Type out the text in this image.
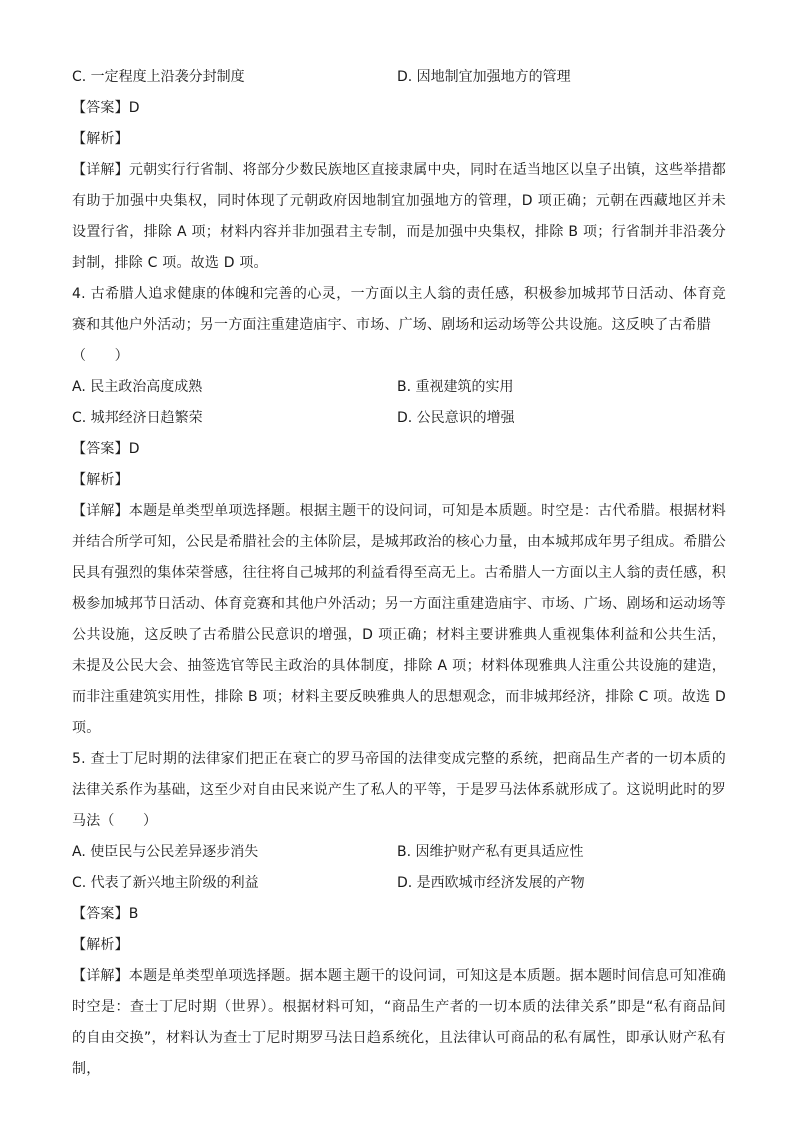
C. 一定程度上沿袭分封制度	D. 因地制宜加强地方的管理
【答案】D
【解析】

【详解】元朝实行行省制、将部分少数民族地区直接隶属中央，同时在适当地区以皇子出镇，这些举措都有助于加强中央集权，同时体现了元朝政府因地制宜加强地方的管理，D 项正确；元朝在西藏地区并未设置行省，排除 A 项；材料内容并非加强君主专制，而是加强中央集权，排除 B 项；行省制并非沿袭分封制，排除 C 项。故选 D 项。

4. 古希腊人追求健康的体魄和完善的心灵，一方面以主人翁的责任感，积极参加城邦节日活动、体育竞赛和其他户外活动；另一方面注重建造庙宇、市场、广场、剧场和运动场等公共设施。这反映了古希腊

（　　）
A. 民主政治高度成熟	B. 重视建筑的实用
C. 城邦经济日趋繁荣	D. 公民意识的增强
【答案】D
【解析】

【详解】本题是单类型单项选择题。根据主题干的设问词，可知是本质题。时空是：古代希腊。根据材料并结合所学可知，公民是希腊社会的主体阶层，是城邦政治的核心力量，由本城邦成年男子组成。希腊公民具有强烈的集体荣誉感，往往将自己城邦的利益看得至高无上。古希腊人一方面以主人翁的责任感，积极参加城邦节日活动、体育竞赛和其他户外活动；另一方面注重建造庙宇、市场、广场、剧场和运动场等公共设施，这反映了古希腊公民意识的增强，D 项正确；材料主要讲雅典人重视集体利益和公共生活，未提及公民大会、抽签选官等民主政治的具体制度，排除 A 项；材料体现雅典人注重公共设施的建造，而非注重建筑实用性，排除 B 项；材料主要反映雅典人的思想观念，而非城邦经济，排除 C 项。故选 D 项。

5. 查士丁尼时期的法律家们把正在衰亡的罗马帝国的法律变成完整的系统，把商品生产者的一切本质的法律关系作为基础，这至少对自由民来说产生了私人的平等，于是罗马法体系就形成了。这说明此时的罗马法（　　）

A. 使臣民与公民差异逐步消失	B. 因维护财产私有更具适应性
C. 代表了新兴地主阶级的利益	D. 是西欧城市经济发展的产物
【答案】B
【解析】

【详解】本题是单类型单项选择题。据本题主题干的设问词，可知这是本质题。据本题时间信息可知准确时空是：查士丁尼时期（世界）。根据材料可知，“商品生产者的一切本质的法律关系”即是“私有商品间的自由交换”，材料认为查士丁尼时期罗马法日趋系统化，且法律认可商品的私有属性，即承认财产私有制，
